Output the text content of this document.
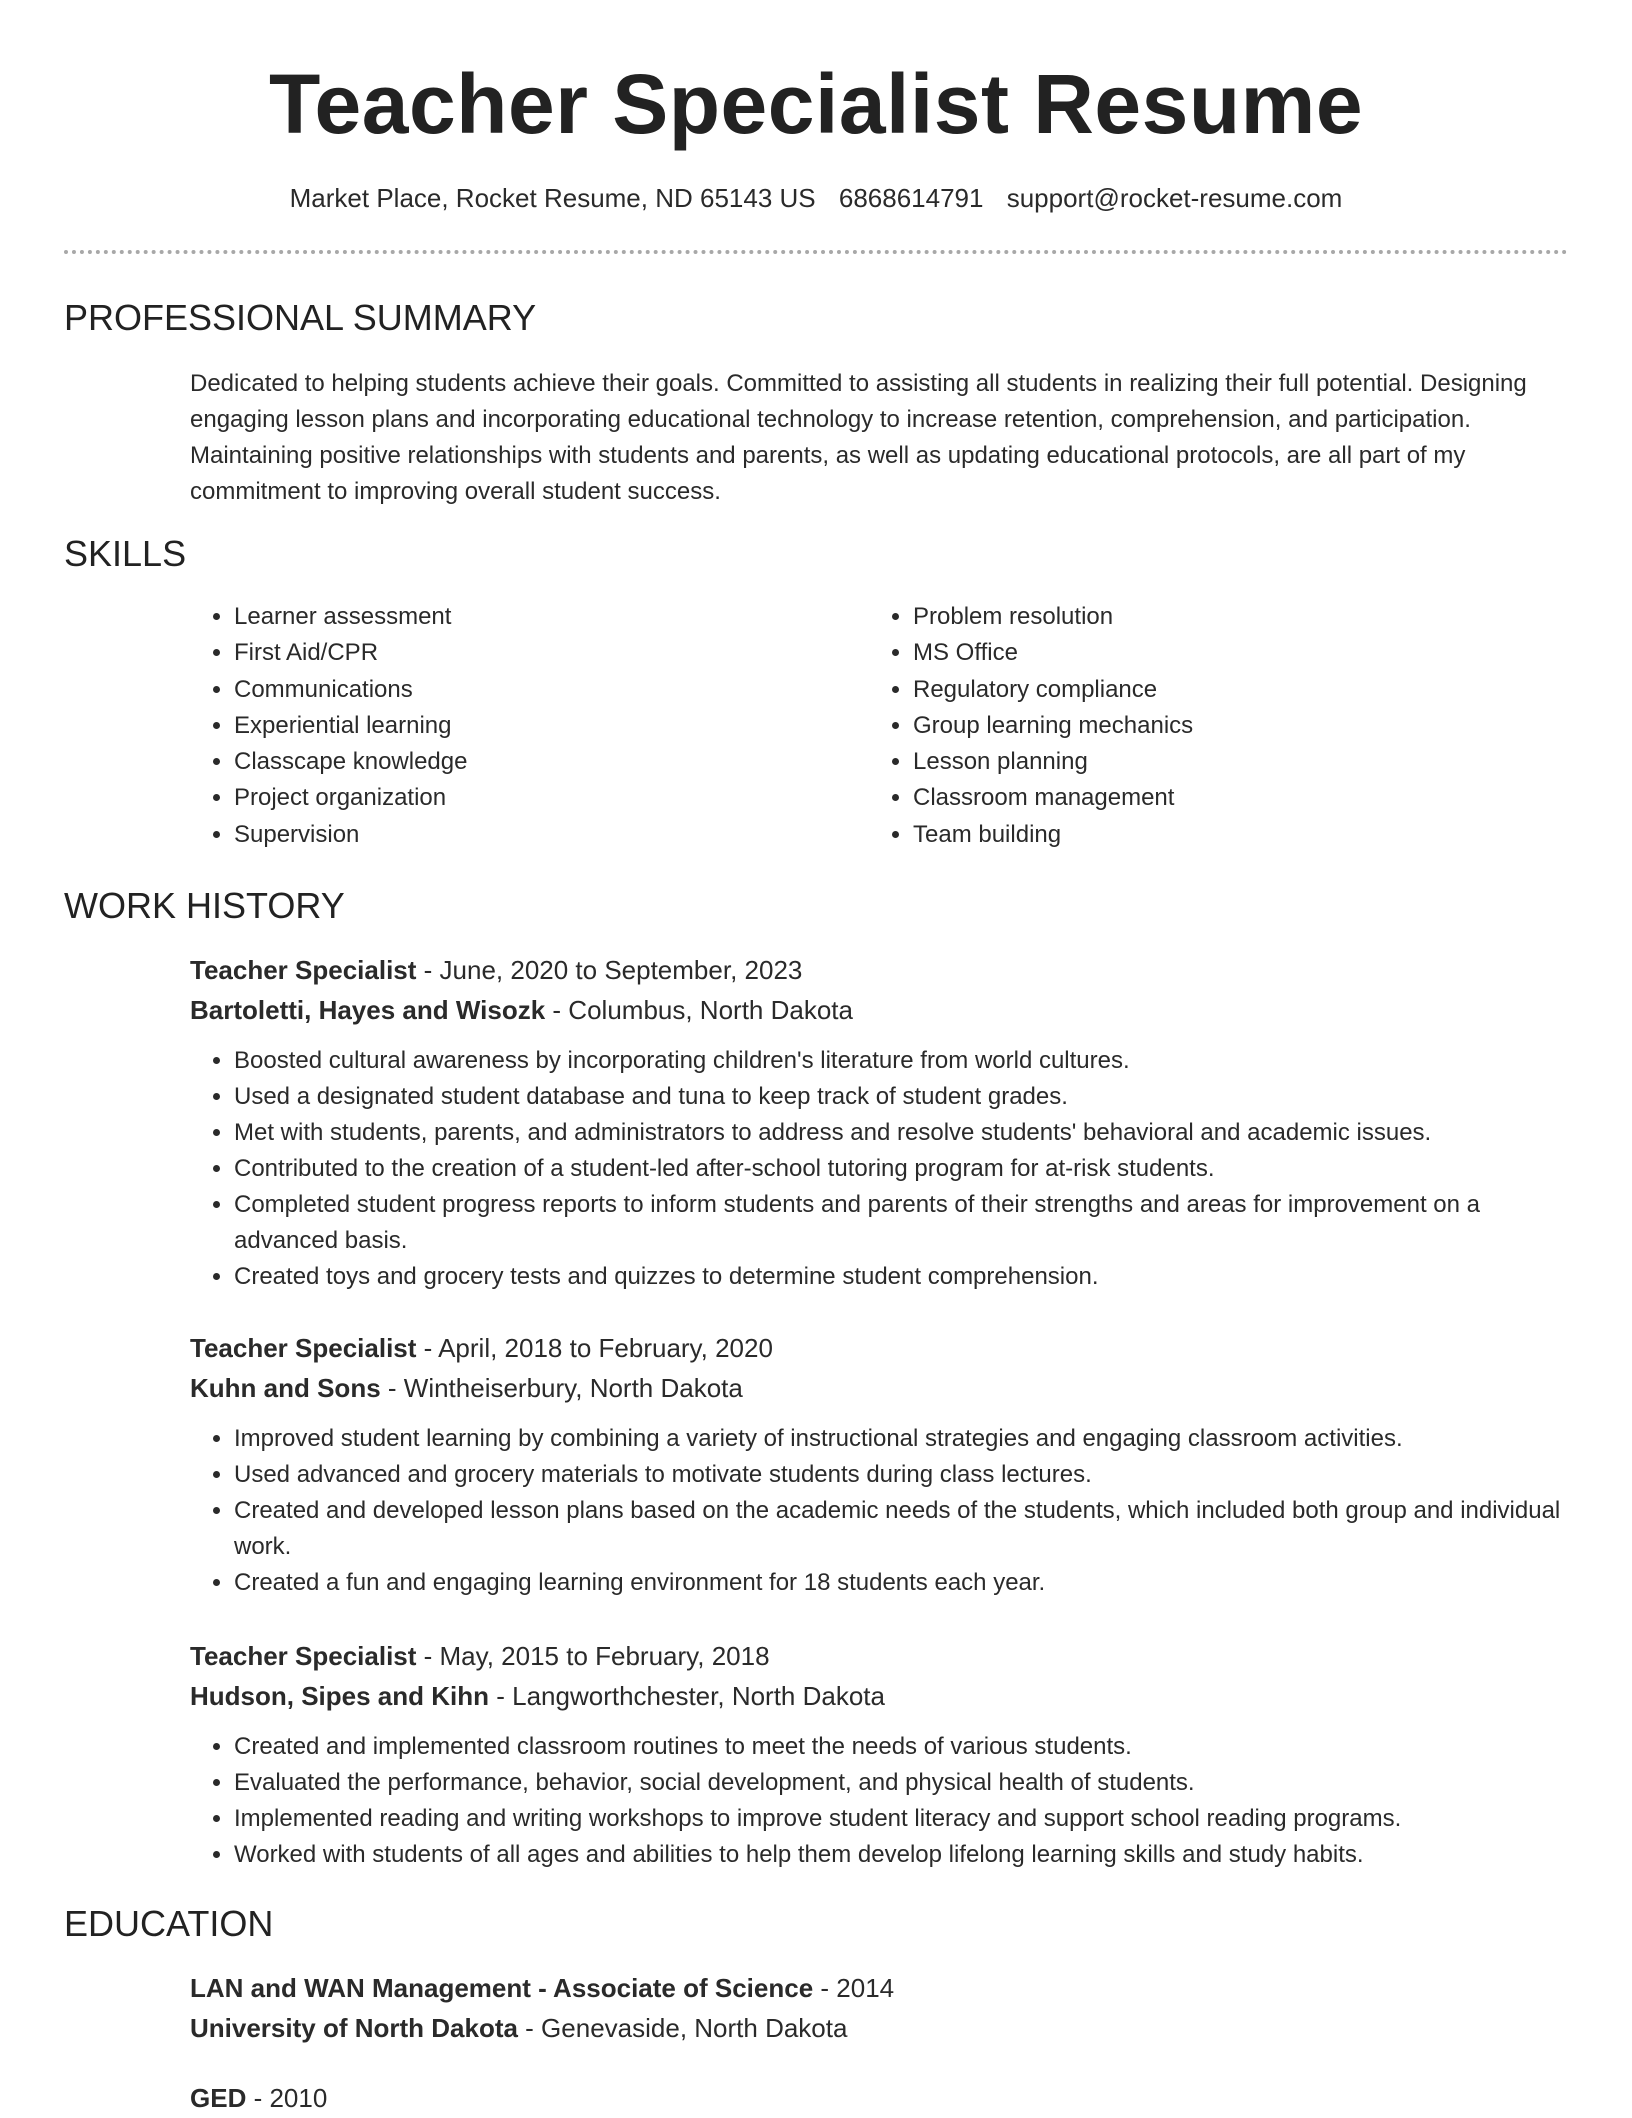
Teacher Specialist Resume
Market Place, Rocket Resume, ND 65143 US 6868614791 support@rocket-resume.com
PROFESSIONAL SUMMARY

Dedicated to helping students achieve their goals. Committed to assisting all students in realizing their full potential. Designing engaging lesson plans and incorporating educational technology to increase retention, comprehension, and participation. Maintaining positive relationships with students and parents, as well as updating educational protocols, are all part of my commitment to improving overall student success.

SKILLS
• Learner assessment
• First Aid/CPR
• Communications
• Experiential learning
• Classcape knowledge
• Project organization
• Supervision
• Problem resolution
• MS Office
• Regulatory compliance
• Group learning mechanics
• Lesson planning
• Classroom management
• Team building
WORK HISTORY
Teacher Specialist - June, 2020 to September, 2023
Bartoletti, Hayes and Wisozk - Columbus, North Dakota
• Boosted cultural awareness by incorporating children's literature from world cultures.
• Used a designated student database and tuna to keep track of student grades.
• Met with students, parents, and administrators to address and resolve students' behavioral and academic issues.
• Contributed to the creation of a student-led after-school tutoring program for at-risk students.
• Completed student progress reports to inform students and parents of their strengths and areas for improvement on a advanced basis.
• Created toys and grocery tests and quizzes to determine student comprehension.
Teacher Specialist - April, 2018 to February, 2020
Kuhn and Sons - Wintheiserbury, North Dakota
• Improved student learning by combining a variety of instructional strategies and engaging classroom activities.
• Used advanced and grocery materials to motivate students during class lectures.
• Created and developed lesson plans based on the academic needs of the students, which included both group and individual work.
• Created a fun and engaging learning environment for 18 students each year.
Teacher Specialist - May, 2015 to February, 2018
Hudson, Sipes and Kihn - Langworthchester, North Dakota
• Created and implemented classroom routines to meet the needs of various students.
• Evaluated the performance, behavior, social development, and physical health of students.
• Implemented reading and writing workshops to improve student literacy and support school reading programs.
• Worked with students of all ages and abilities to help them develop lifelong learning skills and study habits.
EDUCATION
LAN and WAN Management - Associate of Science - 2014
University of North Dakota - Genevaside, North Dakota
GED - 2010
